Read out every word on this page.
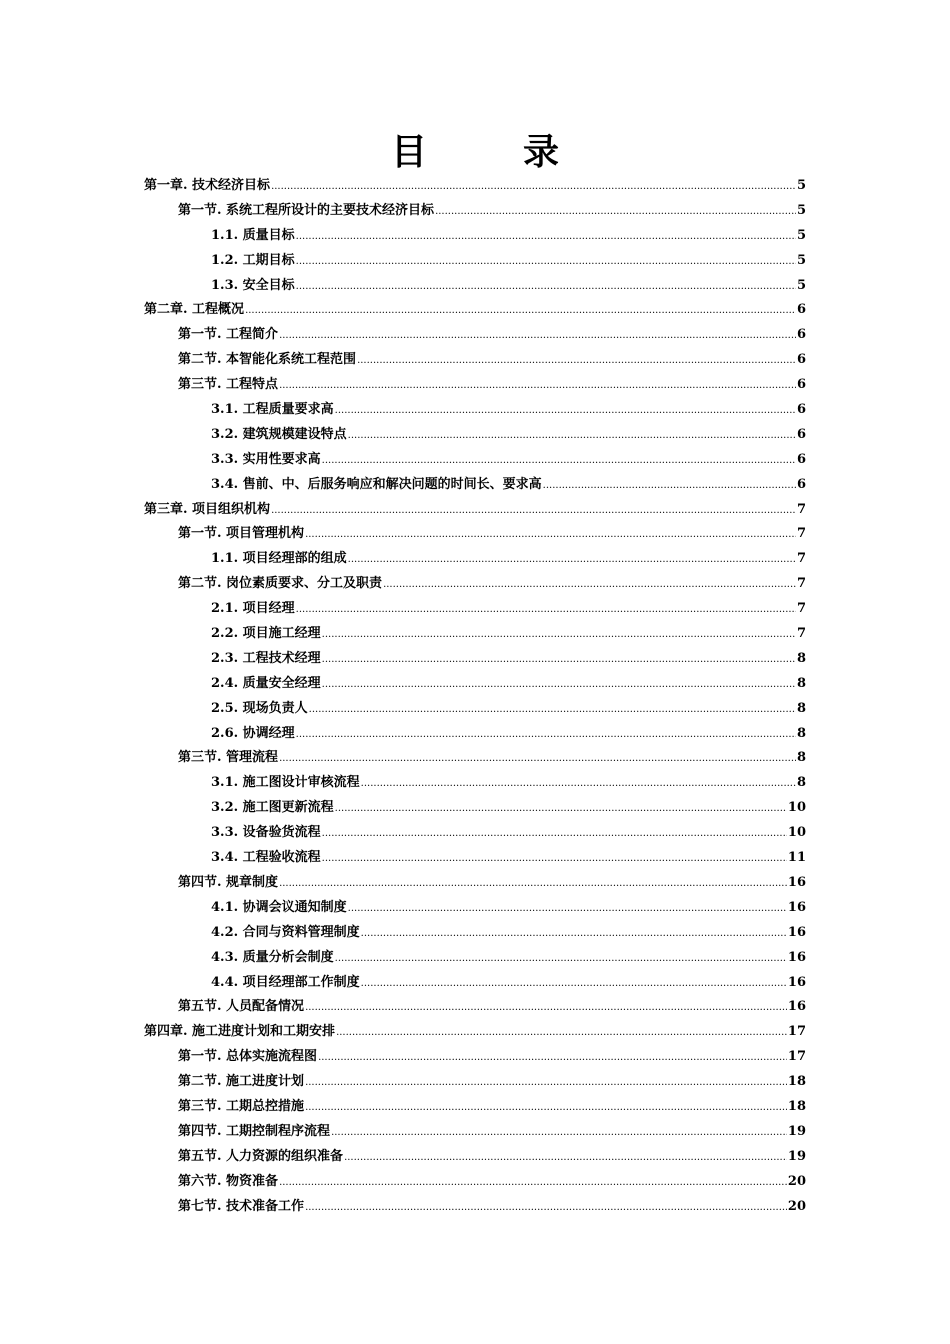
目录
第一章. 技术经济目标 .....	5
第一节. 系统工程所设计的主要技术经济目标 .....	5
1.1. 质量目标 .....	5
1.2. 工期目标 .....	5
1.3. 安全目标 .....	5
第二章. 工程概况 .....	6
第一节. 工程简介 .....	6
第二节. 本智能化系统工程范围 .....	6
第三节. 工程特点 .....	6
3.1. 工程质量要求高 .....	6
3.2. 建筑规模建设特点 .....	6
3.3. 实用性要求高 .....	6
3.4. 售前、中、后服务响应和解决问题的时间长、要求高 .....	6
第三章. 项目组织机构 .....	7
第一节. 项目管理机构 .....	7
1.1. 项目经理部的组成 .....	7
第二节. 岗位素质要求、分工及职责 .....	7
2.1. 项目经理 .....	7
2.2. 项目施工经理 .....	7
2.3. 工程技术经理 .....	8
2.4. 质量安全经理 .....	8
2.5. 现场负责人 .....	8
2.6. 协调经理 .....	8
第三节. 管理流程 .....	8
3.1. 施工图设计审核流程 .....	8
3.2. 施工图更新流程 .....	10
3.3. 设备验货流程 .....	10
3.4. 工程验收流程 .....	11
第四节. 规章制度 .....	16
4.1. 协调会议通知制度 .....	16
4.2. 合同与资料管理制度 .....	16
4.3. 质量分析会制度 .....	16
4.4. 项目经理部工作制度 .....	16
第五节. 人员配备情况 .....	16
第四章. 施工进度计划和工期安排 .....	17
第一节. 总体实施流程图 .....	17
第二节. 施工进度计划 .....	18
第三节. 工期总控措施 .....	18
第四节. 工期控制程序流程 .....	19
第五节. 人力资源的组织准备 .....	19
第六节. 物资准备 .....	20
第七节. 技术准备工作 .....	20
